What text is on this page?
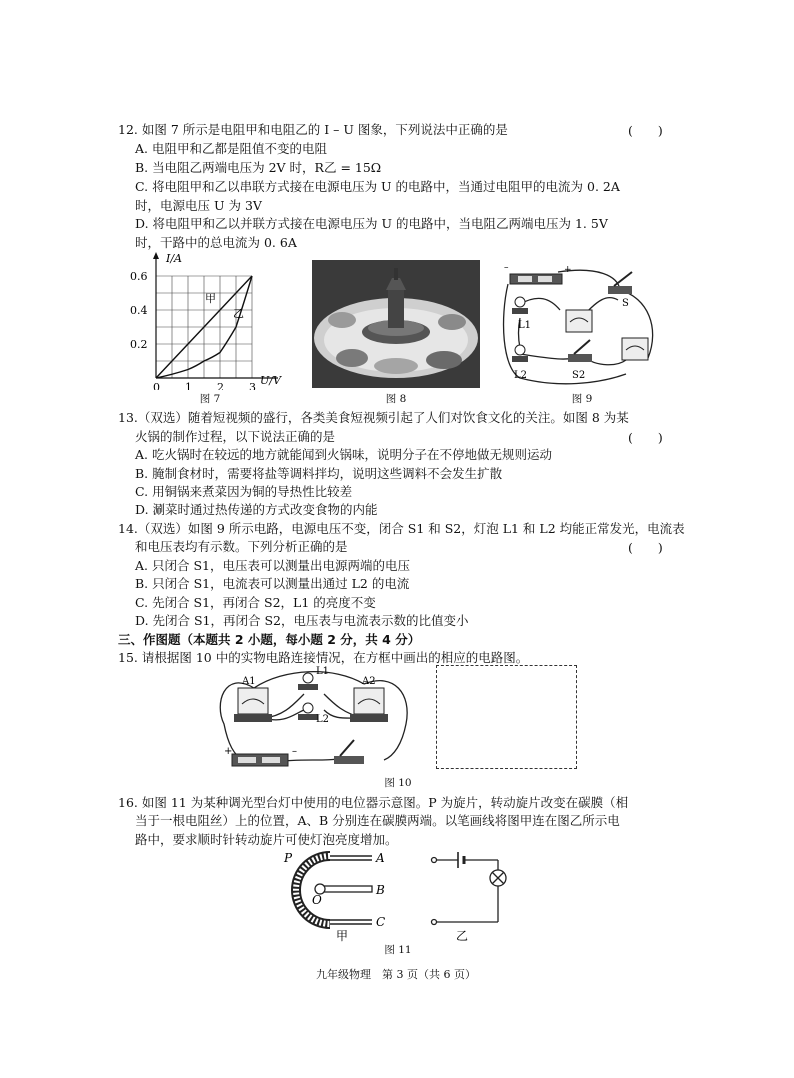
12. 如图 7 所示是电阻甲和电阻乙的 I – U 图象，下列说法中正确的是	(　　)
A. 电阻甲和乙都是阻值不变的电阻
B. 当电阻乙两端电压为 2V 时，R乙 = 15Ω
C. 将电阻甲和乙以串联方式接在电源电压为 U 的电路中，当通过电阻甲的电流为 0. 2A
时，电源电压 U 为 3V
D. 将电阻甲和乙以并联方式接在电源电压为 U 的电路中，当电阻乙两端电压为 1. 5V
时，干路中的总电流为 0. 6A
I/A
U/V
0.6
0.4
0.2
0 1 2 3
甲
乙
图 7	图 8
–	+
L1
L2
S
S2
图 9
13.（双选）随着短视频的盛行，各类美食短视频引起了人们对饮食文化的关注。如图 8 为某
火锅的制作过程，以下说法正确的是	(　　)
A. 吃火锅时在较远的地方就能闻到火锅味，说明分子在不停地做无规则运动
B. 腌制食材时，需要将盐等调料拌均，说明这些调料不会发生扩散
C. 用铜锅来煮菜因为铜的导热性比较差
D. 涮菜时通过热传递的方式改变食物的内能
14.（双选）如图 9 所示电路，电源电压不变，闭合 S1 和 S2，灯泡 L1 和 L2 均能正常发光，电流表
和电压表均有示数。下列分析正确的是	(　　)
A. 只闭合 S1，电压表可以测量出电源两端的电压
B. 只闭合 S1，电流表可以测量出通过 L2 的电流
C. 先闭合 S1，再闭合 S2，L1 的亮度不变
D. 先闭合 S1，再闭合 S2，电压表与电流表示数的比值变小
三、作图题（本题共 2 小题，每小题 2 分，共 4 分）
15. 请根据图 10 中的实物电路连接情况，在方框中画出的相应的电路图。
A1	A2
L1
L2
+	–
图 10
16. 如图 11 为某种调光型台灯中使用的电位器示意图。P 为旋片，转动旋片改变在碳膜（相
当于一根电阻丝）上的位置，A、B 分别连在碳膜两端。以笔画线将图甲连在图乙所示电
路中，要求顺时针转动旋片可使灯泡亮度增加。
P	A
B
C
O
甲	乙
图 11
九年级物理　第 3 页（共 6 页）
